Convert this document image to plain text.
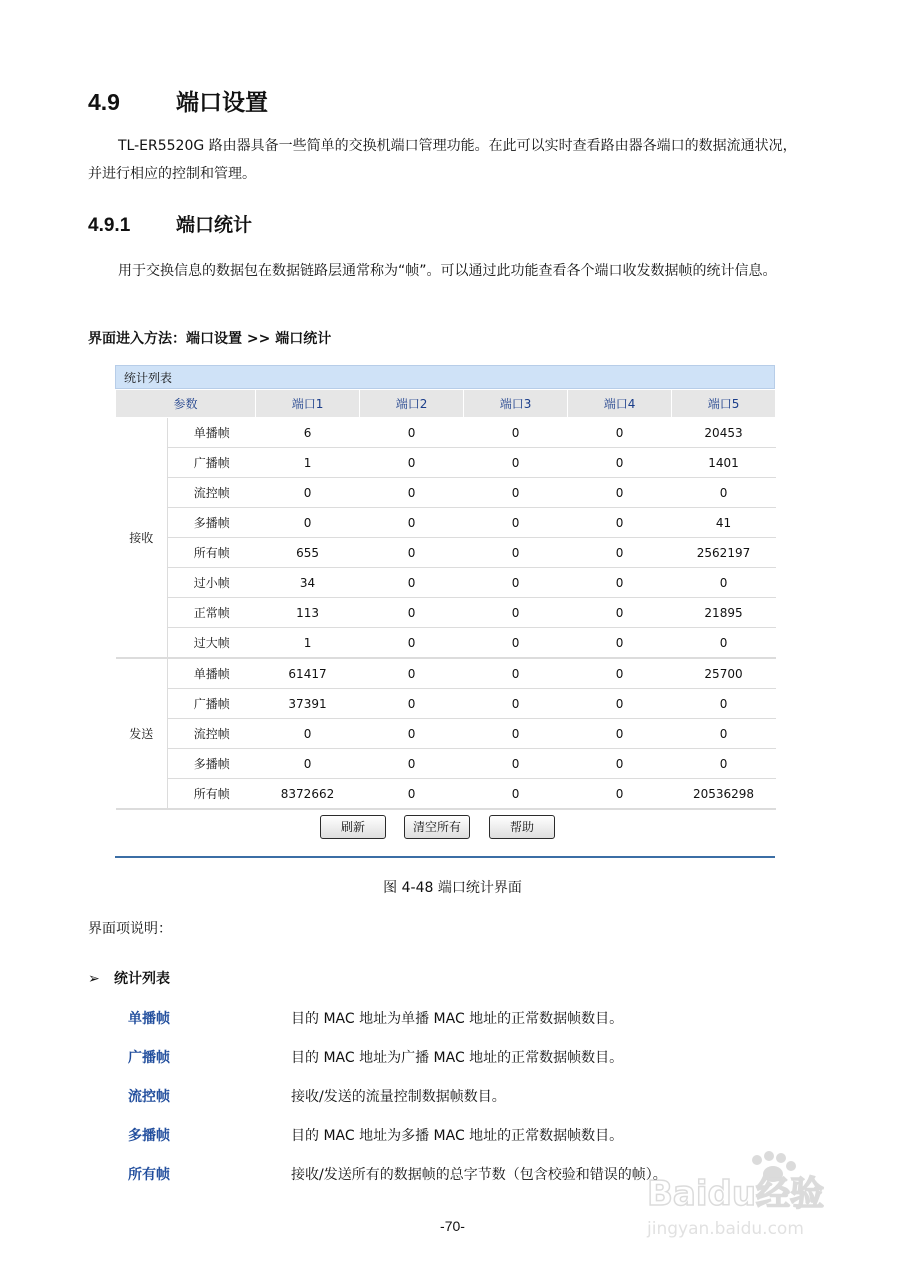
4.9 端口设置
TL-ER5520G 路由器具备一些简单的交换机端口管理功能。在此可以实时查看路由器各端口的数据流通状况，并进行相应的控制和管理。
4.9.1 端口统计
用于交换信息的数据包在数据链路层通常称为“帧”。可以通过此功能查看各个端口收发数据帧的统计信息。
界面进入方法：端口设置 >> 端口统计
统计列表
参数		端口1	端口2	端口3	端口4	端口5
接收	单播帧	6	0	0	0	20453
	广播帧	1	0	0	0	1401
	流控帧	0	0	0	0	0
	多播帧	0	0	0	0	41
	所有帧	655	0	0	0	2562197
	过小帧	34	0	0	0	0
	正常帧	113	0	0	0	21895
	过大帧	1	0	0	0	0
发送	单播帧	61417	0	0	0	25700
	广播帧	37391	0	0	0	0
	流控帧	0	0	0	0	0
	多播帧	0	0	0	0	0
	所有帧	8372662	0	0	0	20536298
刷新	清空所有	帮助
图 4-48 端口统计界面
界面项说明：
➢ 统计列表
单播帧	目的 MAC 地址为单播 MAC 地址的正常数据帧数目。
广播帧	目的 MAC 地址为广播 MAC 地址的正常数据帧数目。
流控帧	接收/发送的流量控制数据帧数目。
多播帧	目的 MAC 地址为多播 MAC 地址的正常数据帧数目。
所有帧	接收/发送所有的数据帧的总字节数（包含校验和错误的帧）。
Baidu经验
jingyan.baidu.com
-70-
